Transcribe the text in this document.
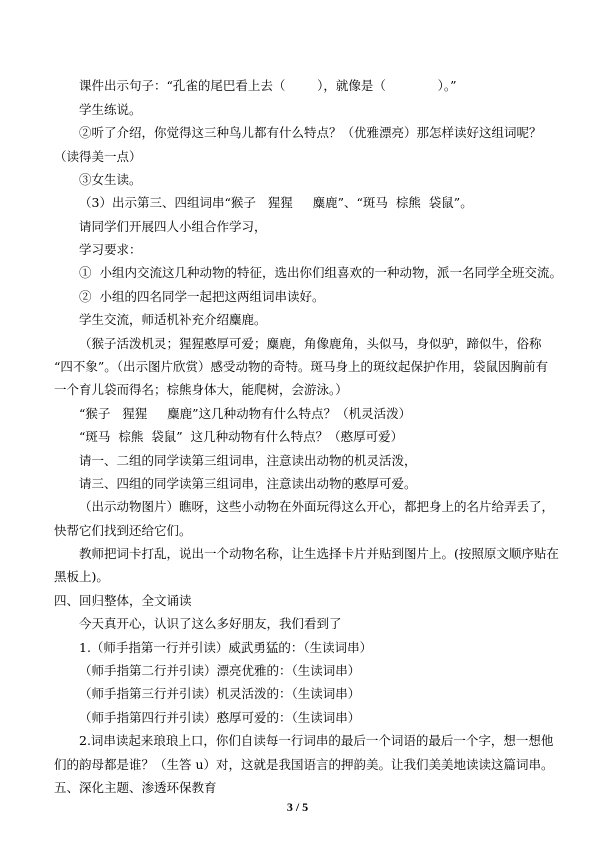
课件出示句子：“孔雀的尾巴看上去（        ），就像是（             ）。”
学生练说。
②听了介绍，你觉得这三种鸟儿都有什么特点？（优雅漂亮）那怎样读好这组词呢？
（读得美一点）
③女生读。
（3）出示第三、四组词串“猴子   猩猩     麋鹿”、“斑马  棕熊  袋鼠”。
请同学们开展四人小组合作学习，
学习要求：
①  小组内交流这几种动物的特征，选出你们组喜欢的一种动物，派一名同学全班交流。
②  小组的四名同学一起把这两组词串读好。
学生交流，师适机补充介绍麋鹿。
（猴子活泼机灵；猩猩憨厚可爱；麋鹿，角像鹿角，头似马，身似驴，蹄似牛，俗称
“四不象”。（出示图片欣赏）感受动物的奇特。斑马身上的斑纹起保护作用，袋鼠因胸前有
一个育儿袋而得名；棕熊身体大，能爬树，会游泳。）
“猴子   猩猩     麋鹿”这几种动物有什么特点？（机灵活泼）
“斑马  棕熊  袋鼠”  这几种动物有什么特点？（憨厚可爱）
请一、二组的同学读第三组词串，注意读出动物的机灵活泼，
请三、四组的同学读第三组词串，注意读出动物的憨厚可爱。
（出示动物图片）瞧呀，这些小动物在外面玩得这么开心，都把身上的名片给弄丢了，
快帮它们找到还给它们。
教师把词卡打乱，说出一个动物名称，让生选择卡片并贴到图片上。(按照原文顺序贴在
黑板上)。
四、回归整体，全文诵读
今天真开心，认识了这么多好朋友，我们看到了
1.（师手指第一行并引读）威武勇猛的：（生读词串）
（师手指第二行并引读）漂亮优雅的：（生读词串）
（师手指第三行并引读）机灵活泼的：（生读词串）
（师手指第四行并引读）憨厚可爱的：（生读词串）
2.词串读起来琅琅上口，你们自读每一行词串的最后一个词语的最后一个字，想一想他
们的韵母都是谁？（生答 u）对，这就是我国语言的押韵美。让我们美美地读读这篇词串。
五、深化主题、渗透环保教育
3 / 5
